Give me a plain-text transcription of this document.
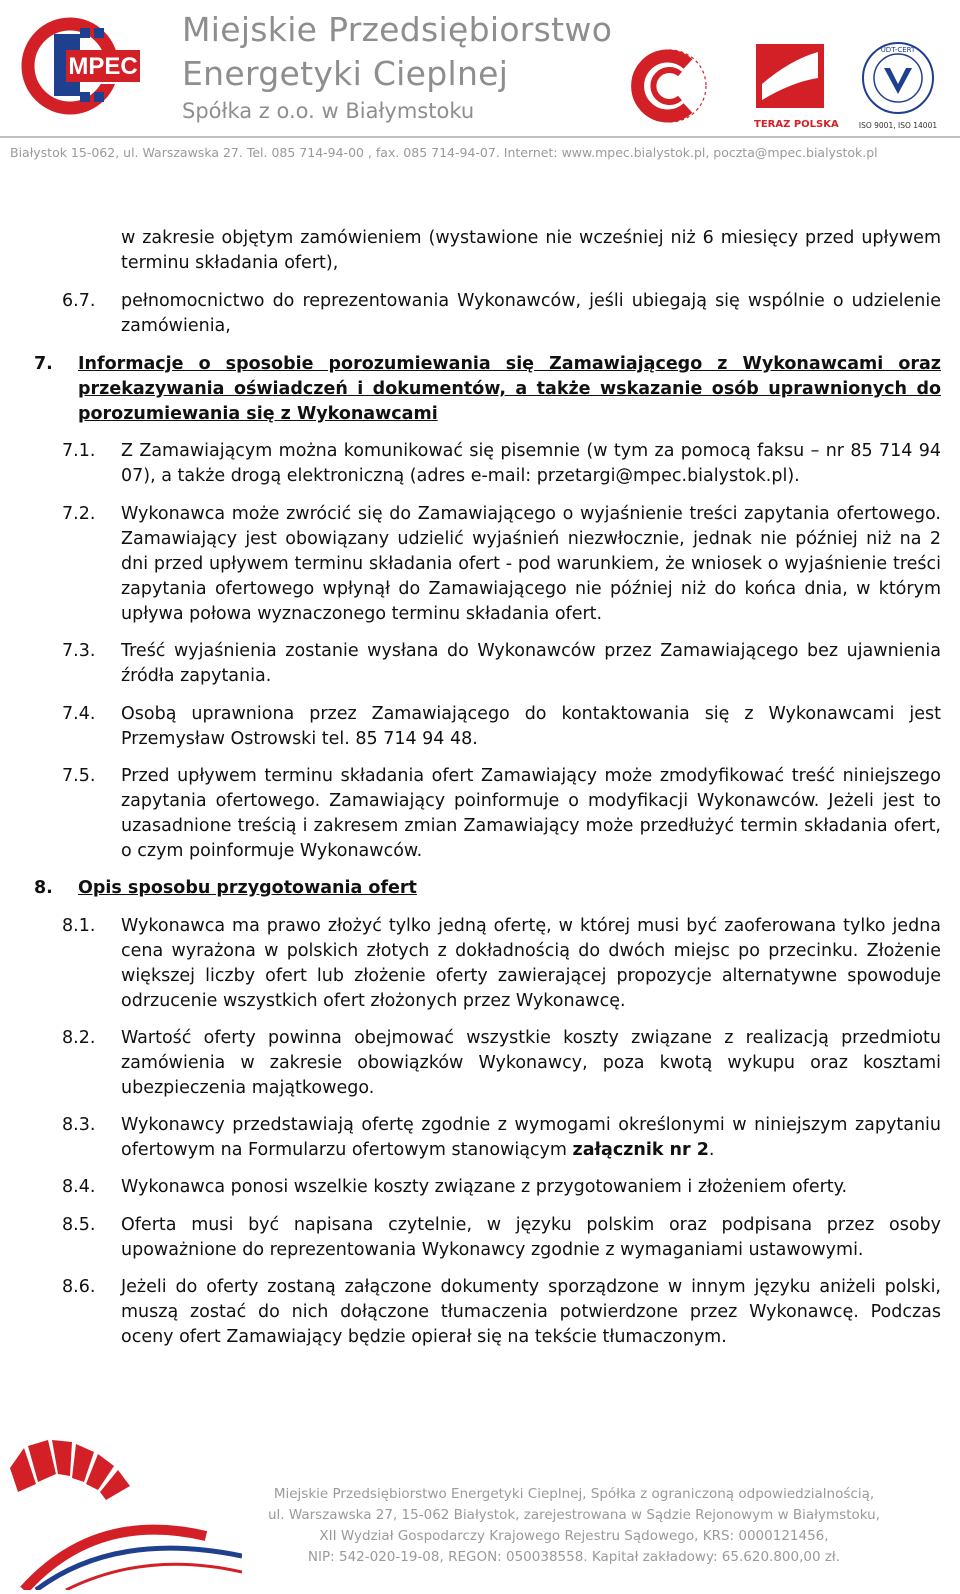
MPEC
Miejskie Przedsiębiorstwo
Energetyki Cieplnej
Spółka z o.o. w Białymstoku
TERAZ POLSKA
UDT-CERT
ISO 9001, ISO 14001
Białystok 15-062, ul. Warszawska 27. Tel. 085 714-94-00 , fax. 085 714-94-07. Internet: www.mpec.bialystok.pl, poczta@mpec.bialystok.pl
w zakresie objętym zamówieniem (wystawione nie wcześniej niż 6 miesięcy przed upływem terminu składania ofert),
6.7. pełnomocnictwo do reprezentowania Wykonawców, jeśli ubiegają się wspólnie o udzielenie zamówienia,
7. Informacje o sposobie porozumiewania się Zamawiającego z Wykonawcami oraz przekazywania oświadczeń i dokumentów, a także wskazanie osób uprawnionych do porozumiewania się z Wykonawcami
7.1. Z Zamawiającym można komunikować się pisemnie (w tym za pomocą faksu – nr 85 714 94 07), a także drogą elektroniczną (adres e-mail: przetargi@mpec.bialystok.pl).
7.2. Wykonawca może zwrócić się do Zamawiającego o wyjaśnienie treści zapytania ofertowego. Zamawiający jest obowiązany udzielić wyjaśnień niezwłocznie, jednak nie później niż na 2 dni przed upływem terminu składania ofert - pod warunkiem, że wniosek o wyjaśnienie treści zapytania ofertowego wpłynął do Zamawiającego nie później niż do końca dnia, w którym upływa połowa wyznaczonego terminu składania ofert.
7.3. Treść wyjaśnienia zostanie wysłana do Wykonawców przez Zamawiającego bez ujawnienia źródła zapytania.
7.4. Osobą uprawniona przez Zamawiającego do kontaktowania się z Wykonawcami jest Przemysław Ostrowski tel. 85 714 94 48.
7.5. Przed upływem terminu składania ofert Zamawiający może zmodyfikować treść niniejszego zapytania ofertowego. Zamawiający poinformuje o modyfikacji Wykonawców. Jeżeli jest to uzasadnione treścią i zakresem zmian Zamawiający może przedłużyć termin składania ofert, o czym poinformuje Wykonawców.
8. Opis sposobu przygotowania ofert
8.1. Wykonawca ma prawo złożyć tylko jedną ofertę, w której musi być zaoferowana tylko jedna cena wyrażona w polskich złotych z dokładnością do dwóch miejsc po przecinku. Złożenie większej liczby ofert lub złożenie oferty zawierającej propozycje alternatywne spowoduje odrzucenie wszystkich ofert złożonych przez Wykonawcę.
8.2. Wartość oferty powinna obejmować wszystkie koszty związane z realizacją przedmiotu zamówienia w zakresie obowiązków Wykonawcy, poza kwotą wykupu oraz kosztami ubezpieczenia majątkowego.
8.3. Wykonawcy przedstawiają ofertę zgodnie z wymogami określonymi w niniejszym zapytaniu ofertowym na Formularzu ofertowym stanowiącym załącznik nr 2.
8.4. Wykonawca ponosi wszelkie koszty związane z przygotowaniem i złożeniem oferty.
8.5. Oferta musi być napisana czytelnie, w języku polskim oraz podpisana przez osoby upoważnione do reprezentowania Wykonawcy zgodnie z wymaganiami ustawowymi.
8.6. Jeżeli do oferty zostaną załączone dokumenty sporządzone w innym języku aniżeli polski, muszą zostać do nich dołączone tłumaczenia potwierdzone przez Wykonawcę. Podczas oceny ofert Zamawiający będzie opierał się na tekście tłumaczonym.
Miejskie Przedsiębiorstwo Energetyki Cieplnej, Spółka z ograniczoną odpowiedzialnością,
ul. Warszawska 27, 15-062 Białystok, zarejestrowana w Sądzie Rejonowym w Białymstoku,
XII Wydział Gospodarczy Krajowego Rejestru Sądowego, KRS: 0000121456,
NIP: 542-020-19-08, REGON: 050038558. Kapitał zakładowy: 65.620.800,00 zł.
